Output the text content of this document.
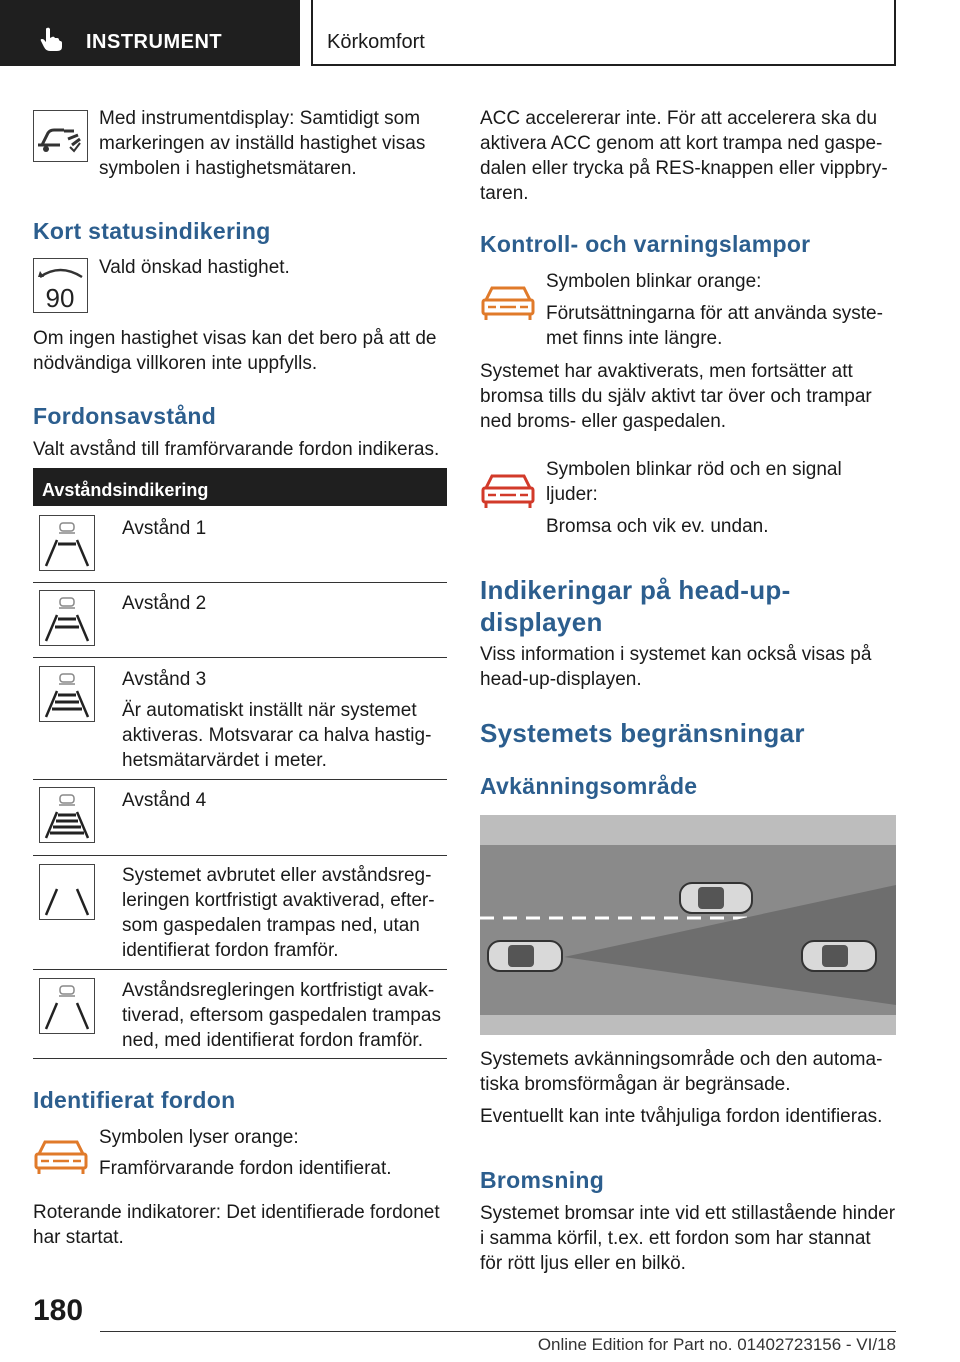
INSTRUMENT	Körkomfort
Med instrumentdisplay: Samtidigt som markeringen av inställd hastighet visas symbolen i hastighetsmätaren.
Kort statusindikering
90
Vald önskad hastighet.
Om ingen hastighet visas kan det bero på att de nödvändiga villkoren inte uppfylls.
Fordonsavstånd
Valt avstånd till framförvarande fordon indikeras.
Avståndsindikering
Avstånd 1
Avstånd 2
Avstånd 3
Är automatiskt inställt när systemet aktiveras. Motsvarar ca halva hastighetsmätarvärdet i meter.
Avstånd 4
Systemet avbrutet eller avståndsregleringen kortfristigt avaktiverad, eftersom gaspedalen trampas ned, utan identifierat fordon framför.
Avståndsregleringen kortfristigt avaktiverad, eftersom gaspedalen trampas ned, med identifierat fordon framför.
Identifierat fordon
Symbolen lyser orange:
Framförvarande fordon identifierat.
Roterande indikatorer: Det identifierade fordonet har startat.
ACC accelererar inte. För att accelerera ska du aktivera ACC genom att kort trampa ned gaspedalen eller trycka på RES-knappen eller vippbrytaren.
Kontroll- och varningslampor
Symbolen blinkar orange:
Förutsättningarna för att använda systemet finns inte längre.
Systemet har avaktiverats, men fortsätter att bromsa tills du själv aktivt tar över och trampar ned broms- eller gaspedalen.
Symbolen blinkar röd och en signal ljuder:
Bromsa och vik ev. undan.
Indikeringar på head-up-displayen
Viss information i systemet kan också visas på head-up-displayen.
Systemets begränsningar
Avkänningsområde
Systemets avkänningsområde och den automatiska bromsförmågan är begränsade.
Eventuellt kan inte tvåhjuliga fordon identifieras.
Bromsning
Systemet bromsar inte vid ett stillastående hinder i samma körfil, t.ex. ett fordon som har stannat för rött ljus eller en bilkö.
180
Online Edition for Part no. 01402723156 - VI/18
